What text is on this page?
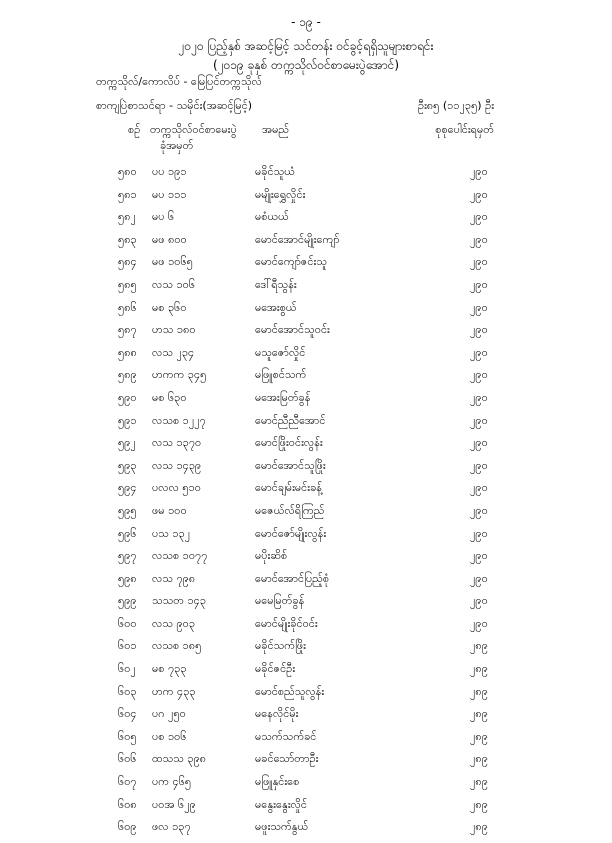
- ၁၉ -
၂၀၂၀ ပြည့်နှစ် အဆင့်မြင့် သင်တန်း ဝင်ခွင့်ရရှိသူများစာရင်း
(၂၀၁၉ ခုနှစ် တက္ကသိုလ်ဝင်စာမေးပွဲအောင်)
တက္ကသိုလ်/ကောလိပ် - မြေပြင်တက္ကသိုလ်
စာကျပြဲစာသင်ရာ - သမိုင်း(အဆင့်မြင့်)	ဦး၈၅ (၁၁၂၃၅) ဦး
စဉ် တက္ကသိုလ်ဝင်စာမေးပွဲ
ခုံအမှတ်
အမည်	စုစုပေါင်းရမှတ်
၅၈၀ ပပ ၁၉၁	မခိုင်သူယံ	၂၉၀
၅၈၁ မပ ၁၁၁	မမျိုးရွှေလှိုင်း	၂၉၀
၅၈၂ မပ ၆	မစံယယ်	၂၉၀
၅၈၃ မဖ ၈၀၀	မောင်အောင်မျိုးကျော်	၂၉၀
၅၈၄ မဖ ၁၀၆၅	မောင်ကျော်ဇင်းသူ	၂၉၀
၅၈၅ လသ ၁၀၆	ဒေါ်ရီသွန်း	၂၉၀
၅၈၆ မစ ၃၆၀	မအေးစွယ်	၂၉၀
၅၈၇ ဟသ ၁၈၀	မောင်အောင်သူဝင်း	၂၉၀
၅၈၈ လသ ၂၃၄	မသူဇော်လှိုင်	၂၉၀
၅၈၉ ဟကက ၃၄၅	မဖြူစင်သက်	၂၉၀
၅၉၀ မစ ၆၃၀	မအေးမြတ်ခွန်	၂၉၀
၅၉၁ လသစ ၁၂၂၇	မောင်ညီညီအောင်	၂၉၀
၅၉၂ လသ ၁၃၇၀	မောင်ဖြိုးဝင်းလွန်း	၂၉၀
၅၉၃ လသ ၁၄၃၉	မောင်အောင်သူဖြိုး	၂၉၀
၅၉၄ ပလလ ၅၁၀	မောင်ချမ်းမင်းခန့်	၂၉၀
၅၉၅ ဖမ ၁၀၀	မဇေယ်လ်ရိကြည်	၂၉၀
၅၉၆ ပသ ၁၃၂	မောင်ဇော်မျိုးလွန်း	၂၉၀
၅၉၇ လသစ ၁၀၇၇	မပိုးဆိစ်	၂၉၀
၅၉၈ လသ ၇၉၈	မောင်အောင်ပြည့်စုံ	၂၉၀
၅၉၉ သသတ ၁၄၃	မမေမြတ်ခွန်	၂၉၀
၆၀၀ လသ ၉၀၃	မောင်မျိုးခိုင်ဝင်း	၂၉၀
၆၀၁ လသစ ၁၈၅	မခိုင်သက်ဖြိုး	၂၈၉
၆၀၂ မစ ၇၃၃	မခိုင်ဇင်ဦး	၂၈၉
၆၀၃ ဟက ၄၃၃	မောင်စည်သူလွန်း	၂၈၉
၆၀၄ ပဂ ၂၅၀	မနေလိုင်မိုး	၂၈၉
၆၀၅ ပစ ၁၀၆	မသက်သက်ခင်	၂၈၉
၆၀၆ ထသသ ၃၉၈	မခင်သော်တာဦး	၂၈၉
၆၀၇ ပက ၄၆၅	မဖြူနှင်းစေ	၂၈၉
၆၀၈ ပဝအ ၆၂၉	မနွေးနွေးလှိုင်	၂၈၉
၆၀၉ ဖလ ၁၃၇	မဖူးသက်နွယ်	၂၈၉
